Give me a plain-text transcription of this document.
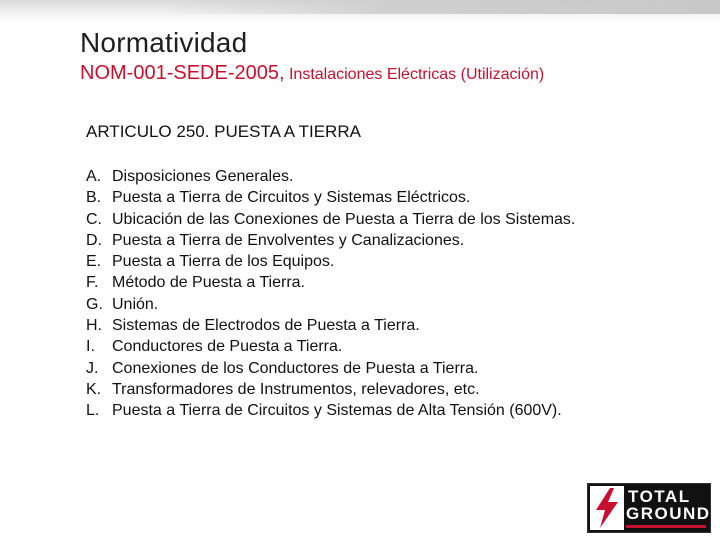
Normatividad

NOM-001-SEDE-2005, Instalaciones Eléctricas (Utilización)

ARTICULO 250. PUESTA A TIERRA
A. Disposiciones Generales.
B. Puesta a Tierra de Circuitos y Sistemas Eléctricos.
C. Ubicación de las Conexiones de Puesta a Tierra de los Sistemas.
D. Puesta a Tierra de Envolventes y Canalizaciones.
E. Puesta a Tierra de los Equipos.
F. Método de Puesta a Tierra.
G. Unión.
H. Sistemas de Electrodos de Puesta a Tierra.
I. Conductores de Puesta a Tierra.
J. Conexiones de los Conductores de Puesta a Tierra.
K. Transformadores de Instrumentos, relevadores, etc.
L. Puesta a Tierra de Circuitos y Sistemas de Alta Tensión (600V).
TOTAL
GROUND
